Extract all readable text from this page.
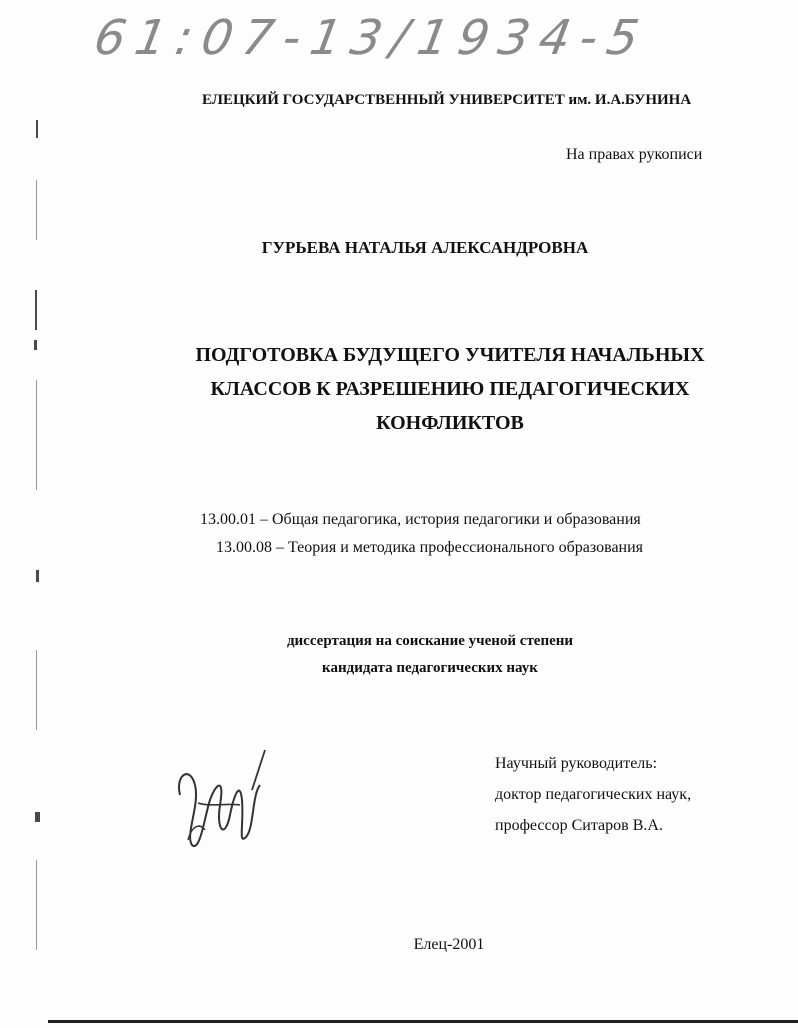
61:07-13/1934-5
ЕЛЕЦКИЙ ГОСУДАРСТВЕННЫЙ УНИВЕРСИТЕТ им. И.А.БУНИНА
На правах рукописи
ГУРЬЕВА НАТАЛЬЯ АЛЕКСАНДРОВНА
ПОДГОТОВКА БУДУЩЕГО УЧИТЕЛЯ НАЧАЛЬНЫХ
КЛАССОВ К РАЗРЕШЕНИЮ ПЕДАГОГИЧЕСКИХ
КОНФЛИКТОВ
13.00.01 – Общая педагогика, история педагогики и образования
13.00.08 – Теория и методика профессионального образования
диссертация на соискание ученой степени
кандидата педагогических наук
Научный руководитель:
доктор педагогических наук,
профессор Ситаров В.А.
Елец-2001
